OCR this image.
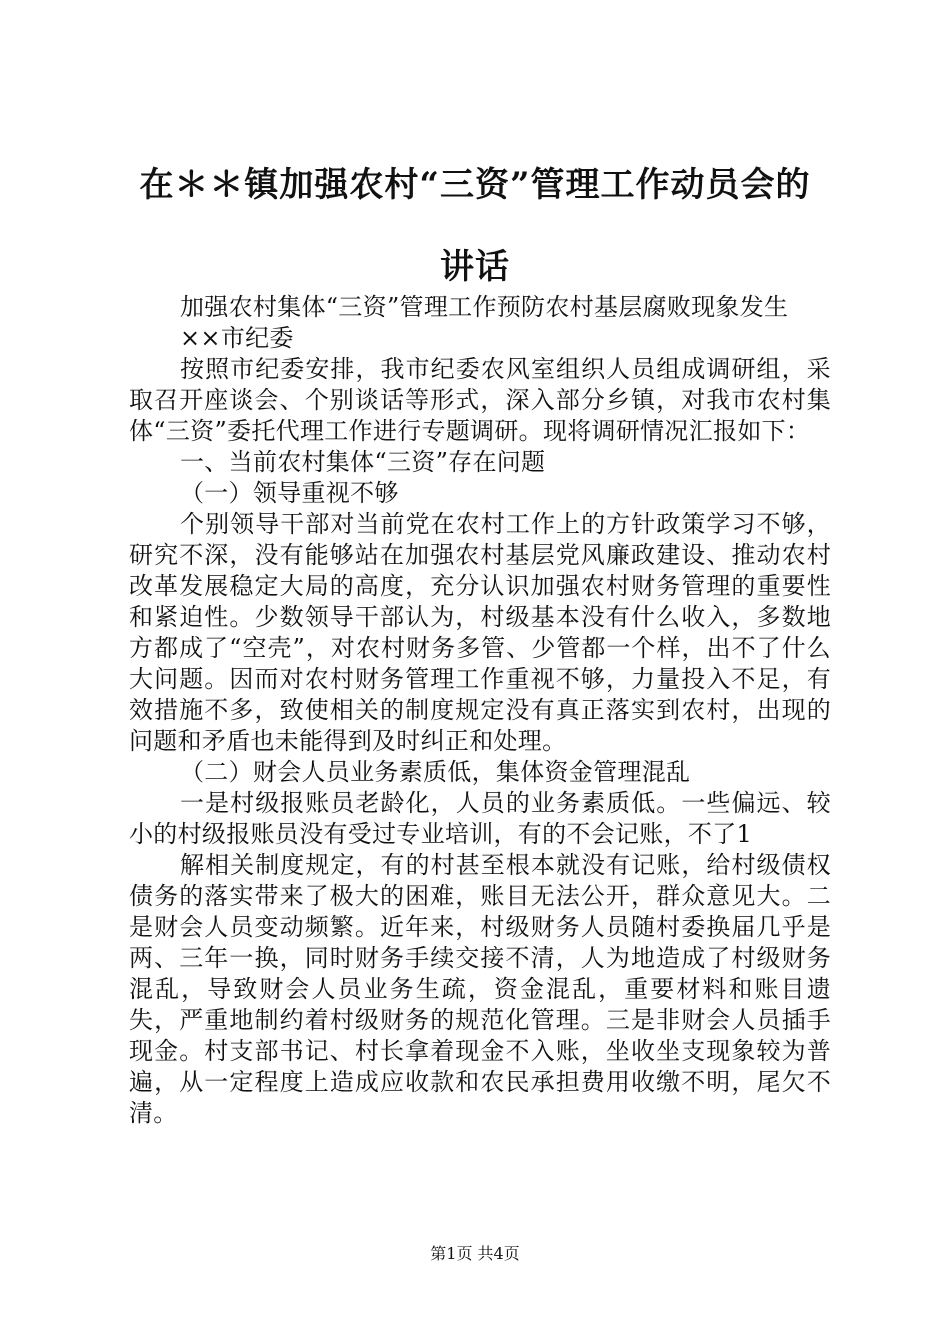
在＊＊镇加强农村“三资”管理工作动员会的
讲话

加强农村集体“三资”管理工作预防农村基层腐败现象发生

××市纪委

按照市纪委安排，我市纪委农风室组织人员组成调研组，采取召开座谈会、个别谈话等形式，深入部分乡镇，对我市农村集体“三资”委托代理工作进行专题调研。现将调研情况汇报如下：

一、当前农村集体“三资”存在问题

（一）领导重视不够

个别领导干部对当前党在农村工作上的方针政策学习不够，研究不深，没有能够站在加强农村基层党风廉政建设、推动农村改革发展稳定大局的高度，充分认识加强农村财务管理的重要性和紧迫性。少数领导干部认为，村级基本没有什么收入，多数地方都成了“空壳”，对农村财务多管、少管都一个样，出不了什么大问题。因而对农村财务管理工作重视不够，力量投入不足，有效措施不多，致使相关的制度规定没有真正落实到农村，出现的问题和矛盾也未能得到及时纠正和处理。

（二）财会人员业务素质低，集体资金管理混乱

一是村级报账员老龄化，人员的业务素质低。一些偏远、较小的村级报账员没有受过专业培训，有的不会记账，不了1

解相关制度规定，有的村甚至根本就没有记账，给村级债权债务的落实带来了极大的困难，账目无法公开，群众意见大。二是财会人员变动频繁。近年来，村级财务人员随村委换届几乎是两、三年一换，同时财务手续交接不清，人为地造成了村级财务混乱，导致财会人员业务生疏，资金混乱，重要材料和账目遗失，严重地制约着村级财务的规范化管理。三是非财会人员插手现金。村支部书记、村长拿着现金不入账，坐收坐支现象较为普遍，从一定程度上造成应收款和农民承担费用收缴不明，尾欠不清。

第1页 共4页
